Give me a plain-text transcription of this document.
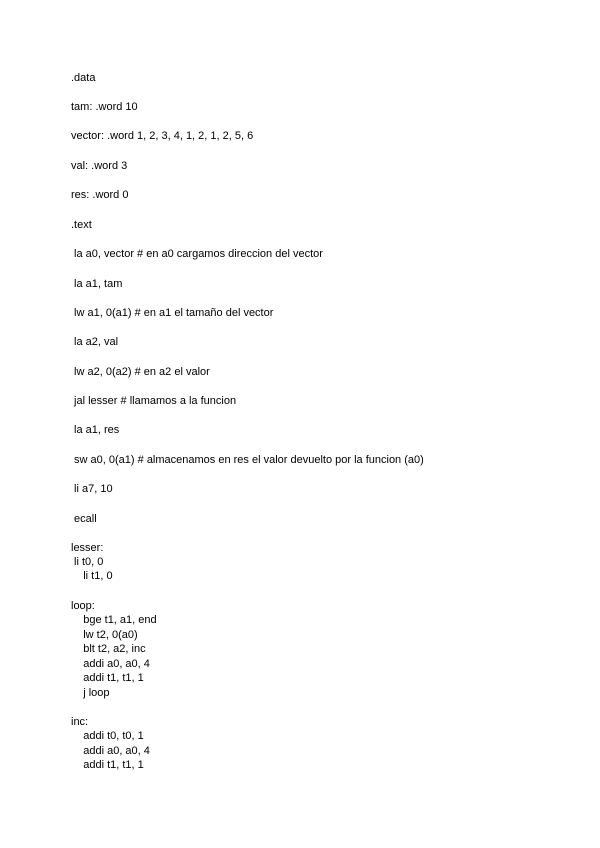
.data
tam: .word 10
vector: .word 1, 2, 3, 4, 1, 2, 1, 2, 5, 6
val: .word 3
res: .word 0
.text
la a0, vector # en a0 cargamos direccion del vector
la a1, tam
lw a1, 0(a1) # en a1 el tamaño del vector
la a2, val
lw a2, 0(a2) # en a2 el valor
jal lesser # llamamos a la funcion
la a1, res
sw a0, 0(a1) # almacenamos en res el valor devuelto por la funcion (a0)
li a7, 10
ecall
lesser:
li t0, 0
li t1, 0
loop:
bge t1, a1, end
lw t2, 0(a0)
blt t2, a2, inc
addi a0, a0, 4
addi t1, t1, 1
j loop
inc:
addi t0, t0, 1
addi a0, a0, 4
addi t1, t1, 1
